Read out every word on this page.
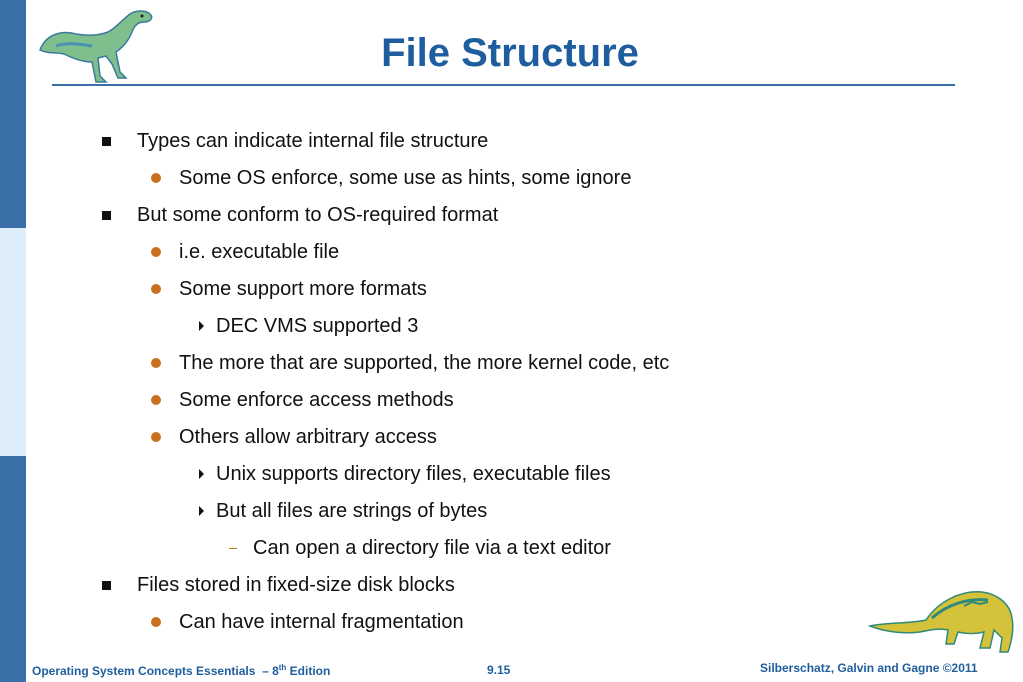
File Structure
Types can indicate internal file structure
Some OS enforce, some use as hints, some ignore
But some conform to OS-required format
i.e. executable file
Some support more formats
DEC VMS supported 3
The more that are supported, the more kernel code, etc
Some enforce access methods
Others allow arbitrary access
Unix supports directory files, executable files
But all files are strings of bytes
Can open a directory file via a text editor
Files stored in fixed-size disk blocks
Can have internal fragmentation
Operating System Concepts Essentials – 8th Edition	9.15	Silberschatz, Galvin and Gagne ©2011
